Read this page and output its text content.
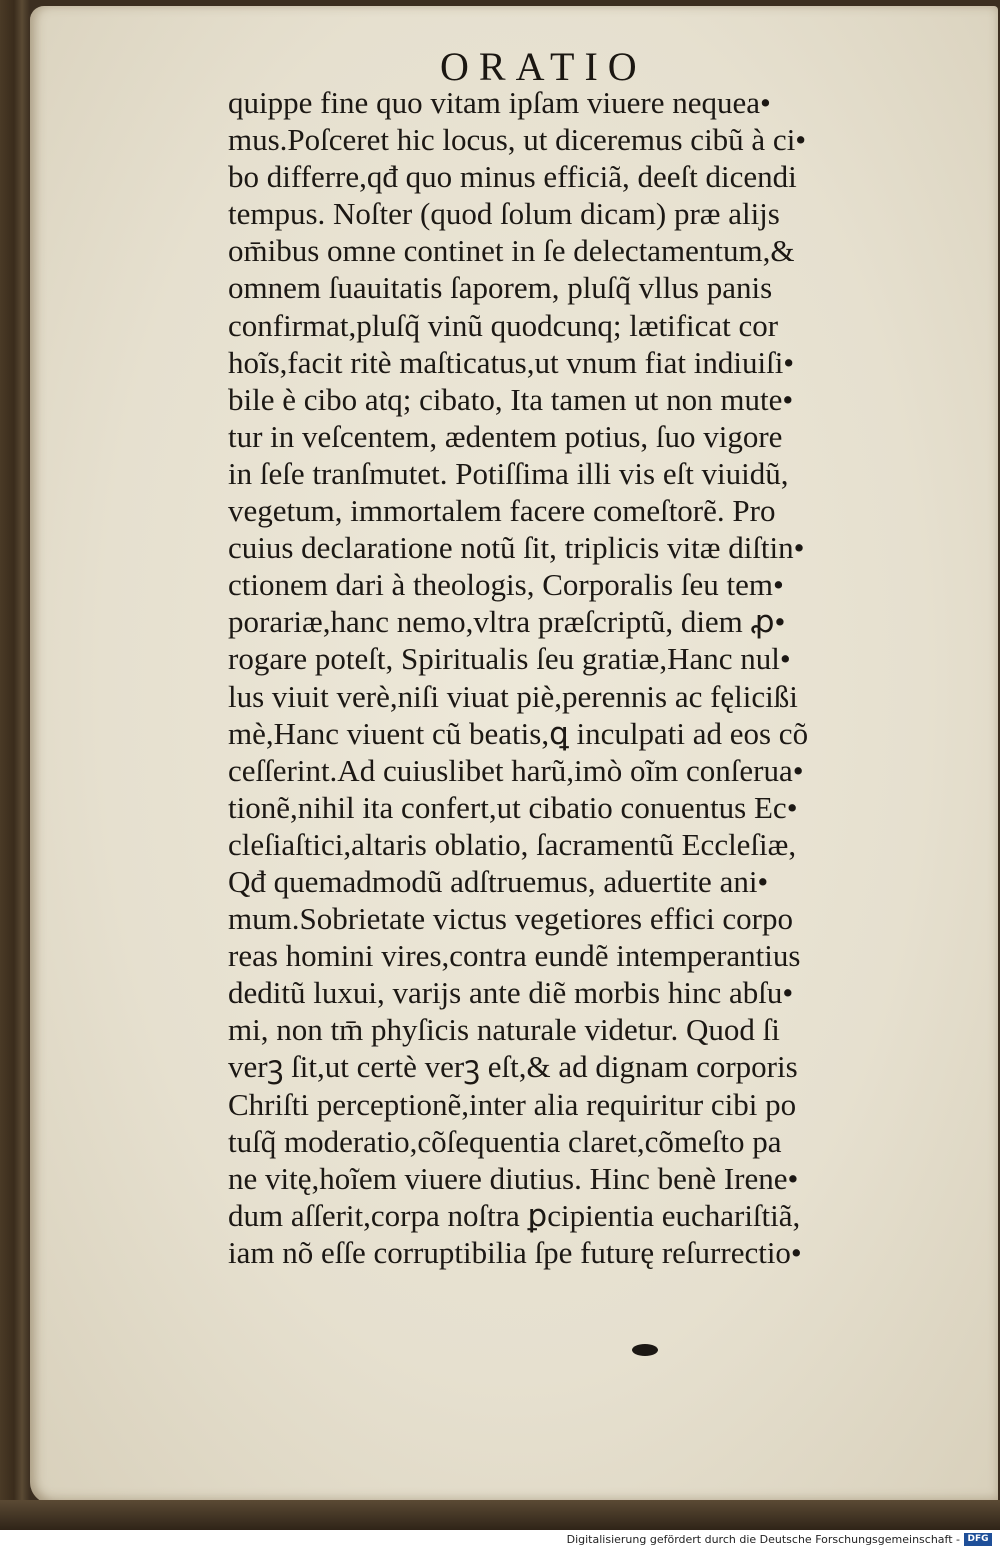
ORATIO
quippe fine quo vitam ipſam viuere nequea•
mus.Poſceret hic locus, ut diceremus cibũ à ci•
bo differre,qđ quo minus efficiã, deeſt dicendi
tempus. Noſter (quod ſolum dicam) præ alĳs
om̄ibus omne continet in ſe delectamentum,&
omnem ſuauitatis ſaporem, pluſq̃ vllus panis
confirmat,pluſq̃ vinũ quodcunq; lætificat cor
hoĩs,facit ritè maſticatus,ut vnum fiat indiuiſi•
bile è cibo atq; cibato, Ita tamen ut non mute•
tur in veſcentem, ædentem potius, ſuo vigore
in ſeſe tranſmutet. Potiſſima illi vis eſt viuidũ,
vegetum, immortalem facere comeſtorẽ. Pro
cuius declaratione notũ ſit, triplicis vitæ diſtin•
ctionem dari à theologis, Corporalis ſeu tem•
porariæ,hanc nemo,vltra præſcriptũ, diem ꝓ•
rogare poteſt, Spiritualis ſeu gratiæ,Hanc nul•
lus viuit verè,niſi viuat piè,perennis ac fęlicißi
mè,Hanc viuent cũ beatis,ꝗ inculpati ad eos cõ
ceſſerint.Ad cuiuslibet harũ,imò oĩm conſerua•
tionẽ,nihil ita confert,ut cibatio conuentus Ec•
cleſiaſtici,altaris oblatio, ſacramentũ Eccleſiæ,
Qđ quemadmodũ adſtruemus, aduertite ani•
mum.Sobrietate victus vegetiores effici corpo
reas homini vires,contra eundẽ intemperantius
deditũ luxui, varĳs ante diẽ morbis hinc abſu•
mi, non tm̄ phyſicis naturale videtur. Quod ſi
verꝫ ſit,ut certè verꝫ eſt,& ad dignam corporis
Chriſti perceptionẽ,inter alia requiritur cibi po
tuſq̃ moderatio,cõſequentia claret,cõmeſto pa
ne vitę,hoĩem viuere diutius. Hinc benè Irene•
dum aſſerit,corpa noſtra ꝑcipientia euchariſtiã,
iam nõ eſſe corruptibilia ſpe futurę reſurrectio•
Digitalisierung gefördert durch die Deutsche Forschungsgemeinschaft - DFG
